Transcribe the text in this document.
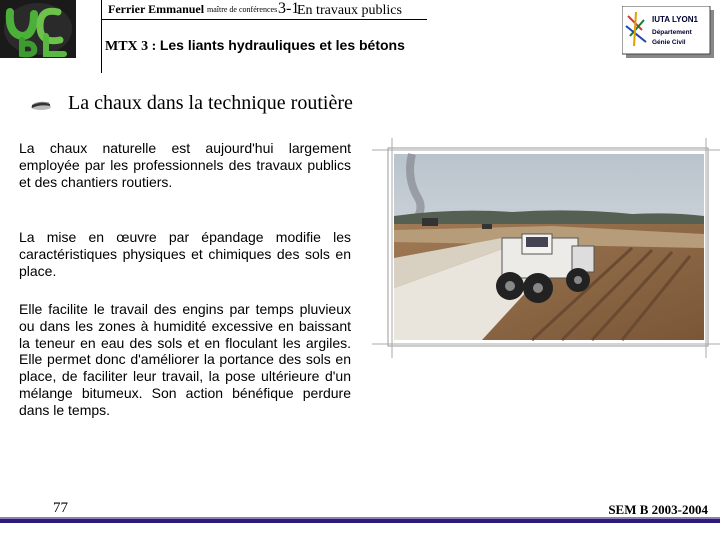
Ferrier Emmanuel maître de conférences 3-1
En travaux publics
MTX 3 : Les liants hydrauliques et les bétons
IUTA LYON1
Département
Génie Civil
La chaux dans la technique routière

La chaux naturelle est aujourd'hui largement employée par les professionnels des travaux publics et des chantiers routiers.

La mise en œuvre par épandage modifie les caractéristiques physiques et chimiques des sols en place.

Elle facilite le travail des engins par temps pluvieux ou dans les zones à humidité excessive en baissant la teneur en eau des sols et en floculant les argiles. Elle permet donc d'améliorer la portance des sols en place, de faciliter leur travail, la pose ultérieure d'un mélange bitumeux. Son action bénéfique perdure dans le temps.

77	SEM B 2003-2004
